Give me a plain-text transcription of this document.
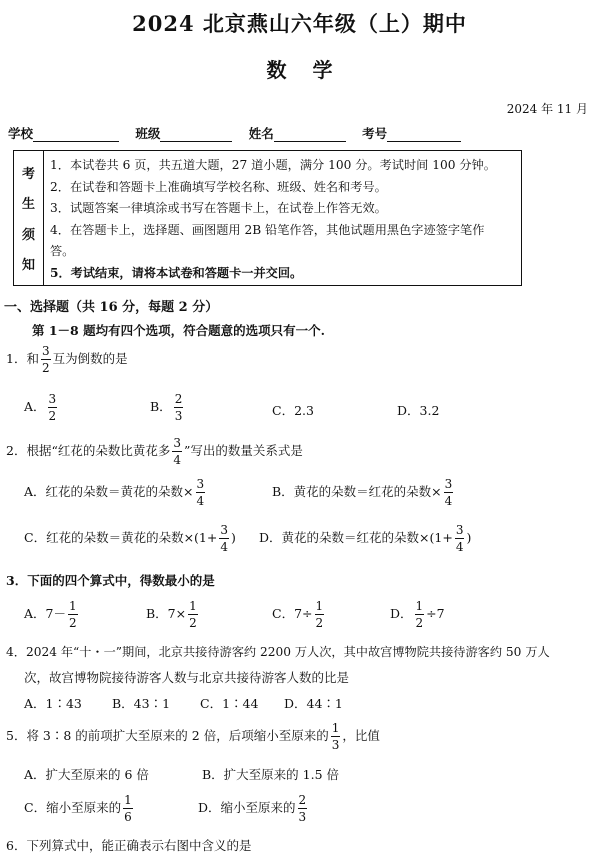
2024 北京燕山六年级（上）期中
数学
2024 年 11 月
学校	班级	姓名	考号
考
生
须
知
1．本试卷共 6 页，共五道大题，27 道小题，满分 100 分。考试时间 100 分钟。
2．在试卷和答题卡上准确填写学校名称、班级、姓名和考号。
3．试题答案一律填涂或书写在答题卡上，在试卷上作答无效。
4．在答题卡上，选择题、画图题用 2B 铅笔作答，其他试题用黑色字迹签字笔作
答。
5．考试结束，请将本试卷和答题卡一并交回。
一、选择题（共 16 分，每题 2 分）
第 1－8 题均有四个选项，符合题意的选项只有一个.
1．和 $\frac{3}{2}$ 互为倒数的是
A． $\frac{3}{2}$	B． $\frac{2}{3}$	C．2.3	D．3.2
2．根据“红花的朵数比黄花多 $\frac{3}{4}$ ”写出的数量关系式是
A．红花的朵数＝黄花的朵数× $\frac{3}{4}$	B．黄花的朵数＝红花的朵数× $\frac{3}{4}$
C．红花的朵数＝黄花的朵数$\times(1+ \frac{3}{4}$ ) D．黄花的朵数＝红花的朵数$\times(1+ \frac{3}{4}$ )
3．下面的四个算式中，得数最小的是
A．$7- \frac{1}{2}$	B．$7\times \frac{1}{2}$	C．$7\div \frac{1}{2}$	D． $\frac{1}{2} \div 7$
4．2024 年“十・一”期间，北京共接待游客约 2200 万人次，其中故宫博物院共接待游客约 50 万人
次，故宫博物院接待游客人数与北京共接待游客人数的比是
A．1∶43 B．43∶1 C．1∶44 D．44∶1
5．将 3∶8 的前项扩大至原来的 2 倍，后项缩小至原来的 $\frac{1}{3}$ ，比值
A．扩大至原来的 6 倍	B．扩大至原来的 1.5 倍
C．缩小至原来的 $\frac{1}{6}$	D．缩小至原来的 $\frac{2}{3}$
6．下列算式中，能正确表示右图中含义的是
